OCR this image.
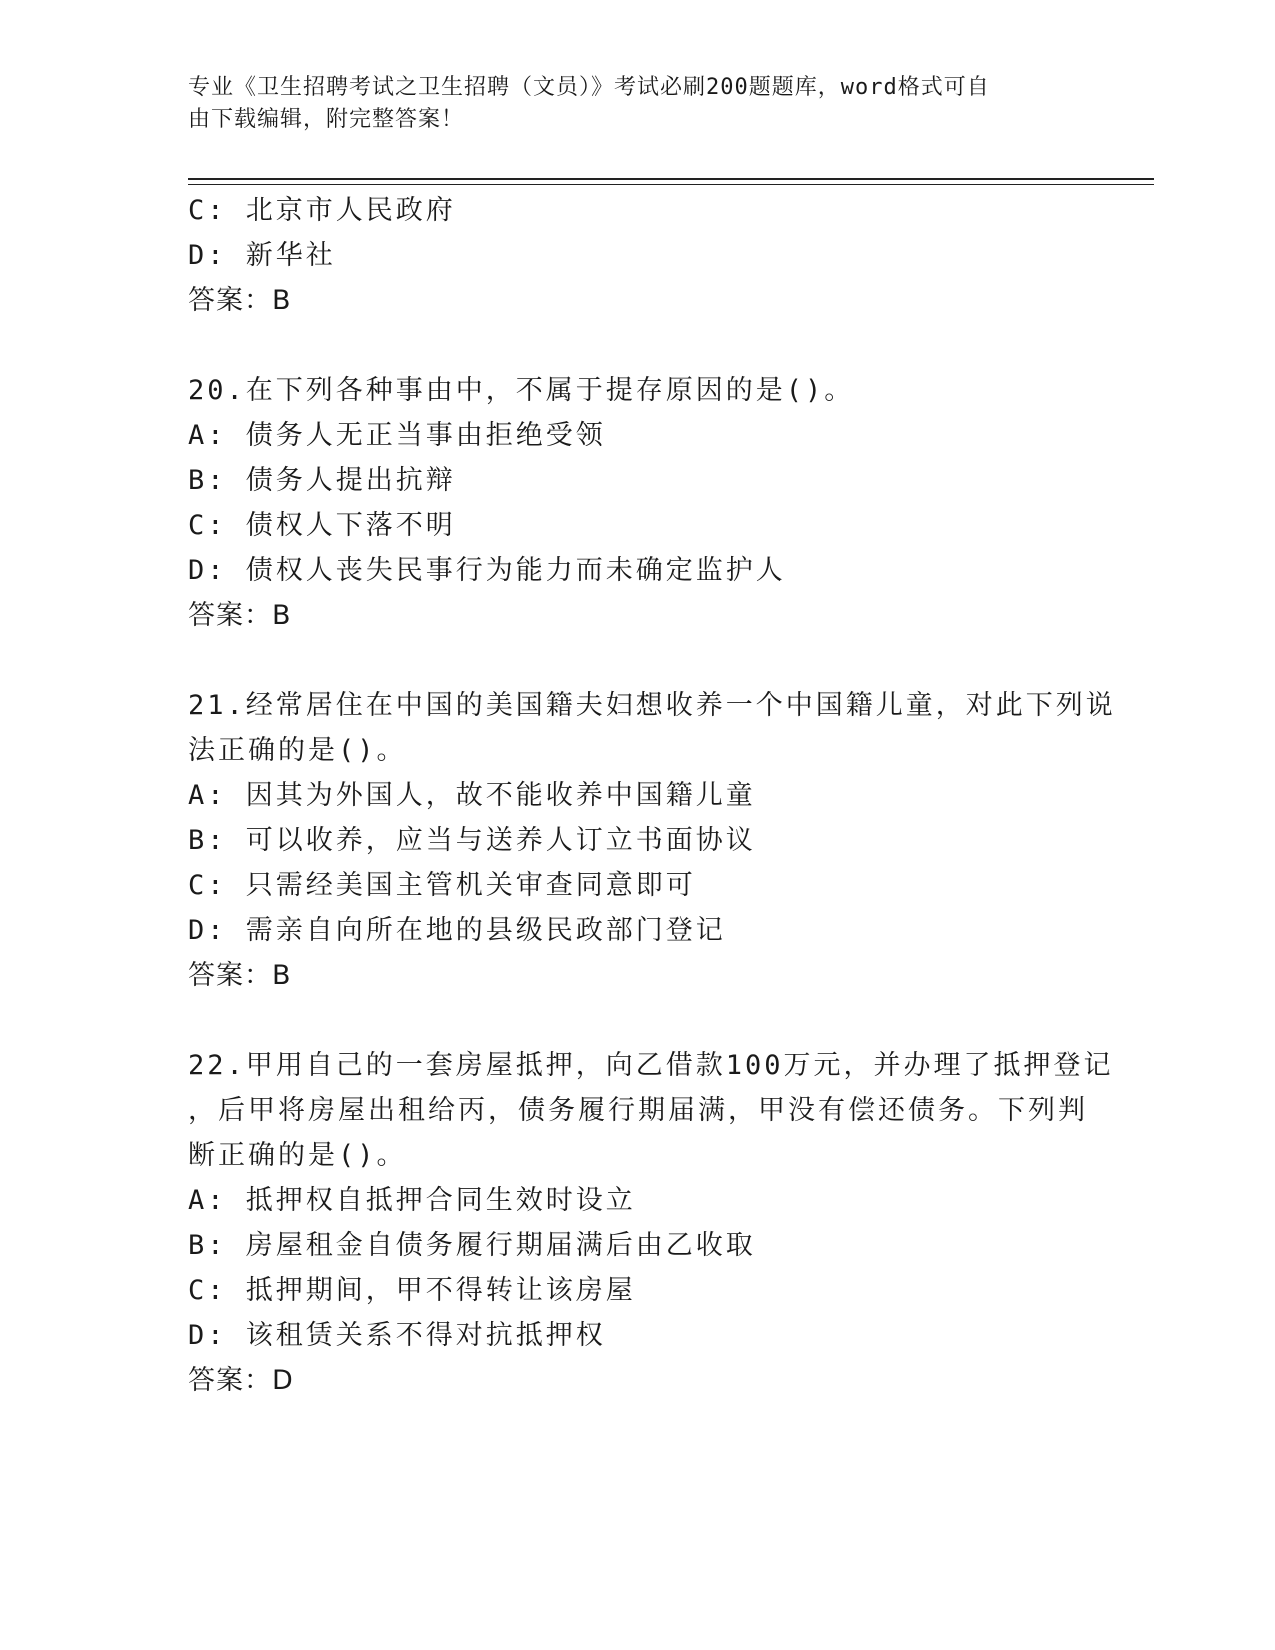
专业《卫生招聘考试之卫生招聘（文员）》考试必刷200题题库，word格式可自
由下载编辑，附完整答案！
C: 北京市人民政府
D: 新华社
答案：B
20.在下列各种事由中，不属于提存原因的是()。
A: 债务人无正当事由拒绝受领
B: 债务人提出抗辩
C: 债权人下落不明
D: 债权人丧失民事行为能力而未确定监护人
答案：B
21.经常居住在中国的美国籍夫妇想收养一个中国籍儿童，对此下列说
法正确的是()。
A: 因其为外国人，故不能收养中国籍儿童
B: 可以收养，应当与送养人订立书面协议
C: 只需经美国主管机关审查同意即可
D: 需亲自向所在地的县级民政部门登记
答案：B
22.甲用自己的一套房屋抵押，向乙借款100万元，并办理了抵押登记
，后甲将房屋出租给丙，债务履行期届满，甲没有偿还债务。下列判
断正确的是()。
A: 抵押权自抵押合同生效时设立
B: 房屋租金自债务履行期届满后由乙收取
C: 抵押期间，甲不得转让该房屋
D: 该租赁关系不得对抗抵押权
答案：D
